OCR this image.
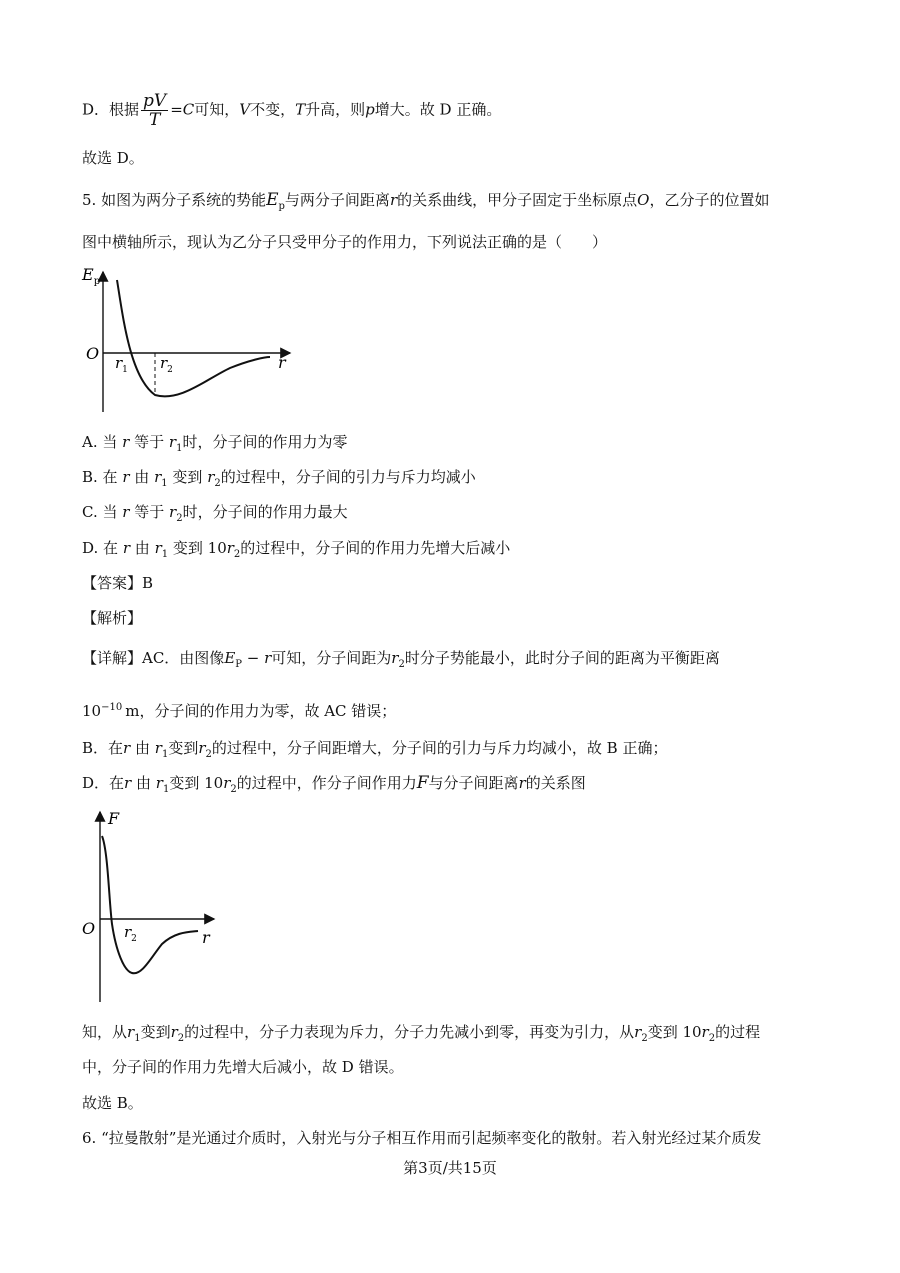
D．根据 $\frac{pV}{T} =C$可知，V不变，T升高，则p增大。故 D 正确。
故选 D。
5. 如图为两分子系统的势能$E_p$与两分子间距离r的关系曲线，甲分子固定于坐标原点O，乙分子的位置如
图中横轴所示，现认为乙分子只受甲分子的作用力，下列说法正确的是（　　）
$E_p$
O	r
$r_1$ $r_2$
A. 当 r 等于 $r_1$时，分子间的作用力为零
B. 在 r 由 $r_1$ 变到 $r_2$的过程中，分子间的引力与斥力均减小
C. 当 r 等于 $r_2$时，分子间的作用力最大
D. 在 r 由 $r_1$ 变到 $10r_2$的过程中，分子间的作用力先增大后减小
【答案】B
【解析】
【详解】AC．由图像$E_P - r$可知，分子间距为$r_2$时分子势能最小，此时分子间的距离为平衡距离
$10^{-10}$ m，分子间的作用力为零，故 AC 错误；
B．在r 由 $r_1$变到$r_2$的过程中，分子间距增大，分子间的引力与斥力均减小，故 B 正确；
D．在r 由 $r_1$变到 $10r_2$的过程中，作分子间作用力F与分子间距离r的关系图
F
O	r
$r_2$
知，从$r_1$变到$r_2$的过程中，分子力表现为斥力，分子力先减小到零，再变为引力，从$r_2$变到 $10r_2$的过程
中，分子间的作用力先增大后减小，故 D 错误。
故选 B。
6. “拉曼散射”是光通过介质时，入射光与分子相互作用而引起频率变化的散射。若入射光经过某介质发
第3页/共15页
